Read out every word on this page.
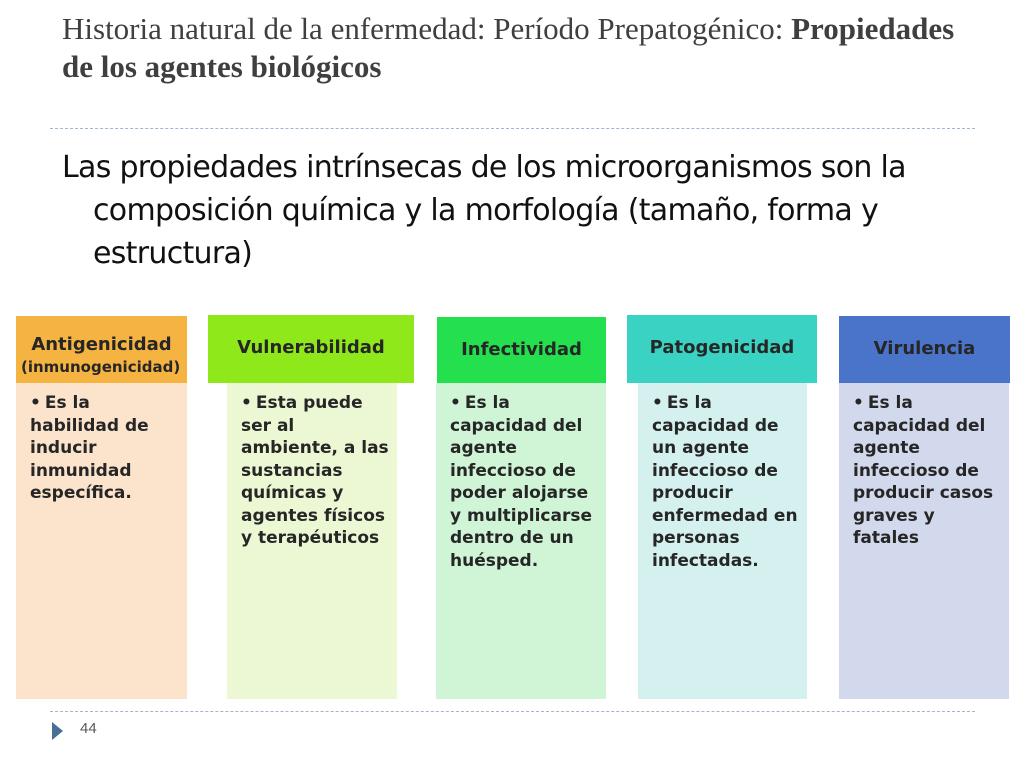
Historia natural de la enfermedad: Período Prepatogénico: Propiedades de los agentes biológicos
Las propiedades intrínsecas de los microorganismos son la composición química y la morfología (tamaño, forma y estructura)
• Es la habilidad de inducir inmunidad específica.
Antigenicidad
(inmunogenicidad)
• Esta puede ser al ambiente, a las sustancias químicas y agentes físicos y terapéuticos
Vulnerabilidad
• Es la capacidad del agente infeccioso de poder alojarse y multiplicarse dentro de un huésped.
Infectividad
• Es la capacidad de un agente infeccioso de producir enfermedad en personas infectadas.
Patogenicidad
• Es la capacidad del agente infeccioso de producir casos graves y fatales
Virulencia
44
